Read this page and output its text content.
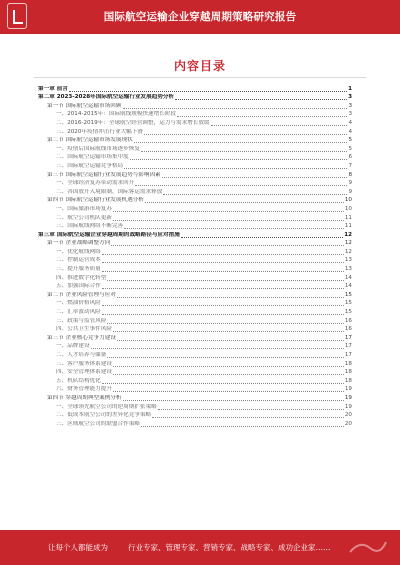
国际航空运输企业穿越周期策略研究报告
内容目录
第一章 前言	1
第二章 2023-2028年国际航空运输行业发展趋势分析	3
第一节 国际航空运输市场回顾	3
一、2014-2015年：国际航线规模快速增长阶段	3
二、2016-2019年：全球航空经营调整，运力与需求增长放缓	4
三、2020年疫情冲击行业大幅下滑	4
第二节 国际航空运输市场发展现状	5
一、疫情后国际航线市场逐步恢复	5
二、国际航空运输市场集中度	6
三、国际航空运输竞争格局	7
第三节 国际航空运输行业发展趋势与影响因素	8
一、全球经济复苏带动需求回升	9
二、各国放开入境限制，国际客运需求释放	9
第四节 国际航空运输行业发展机遇分析	10
一、国际旅游市场复苏	10
二、航空公司机队更新	11
三、国际航线网络不断完善	11
第三章 国际航空运输企业穿越周期的战略路径与应对措施	12
第一节 企业战略调整方向	12
一、优化航线网络	12
二、控制运营成本	13
三、提升服务质量	13
四、推进数字化转型	14
五、加强国际合作	14
第二节 企业风险管理与应对	15
一、燃油价格风险	15
二、汇率波动风险	15
三、政策与监管风险	16
四、公共卫生事件风险	16
第三节 企业核心竞争力建设	17
一、品牌建设	17
二、人才培养与储备	17
三、客户服务体系建设	18
四、安全管理体系建设	18
五、机队结构优化	18
六、财务管理能力提升	19
第四节 穿越周期典型案例分析	19
一、全球领先航空公司的逆周期扩张策略	19
二、低成本航空公司的差异化竞争策略	20
三、区域航空公司的联盟合作策略	20
让每个人都能成为	行业专家、管理专家、营销专家、战略专家、成功企业家……
